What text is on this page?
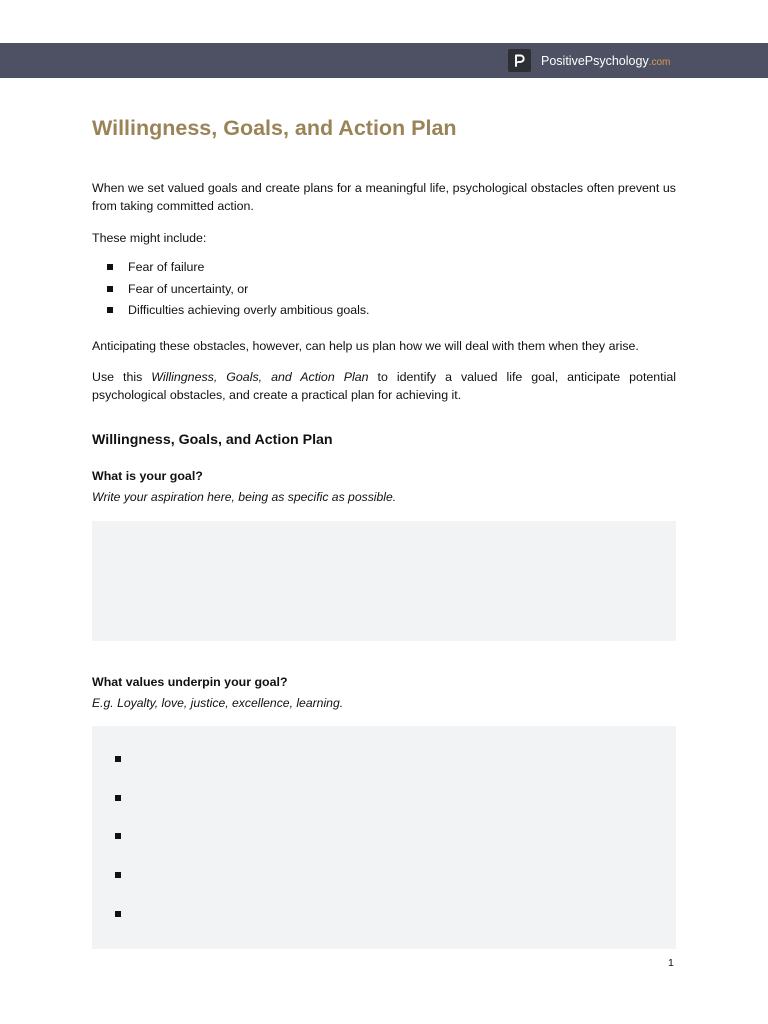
PositivePsychology.com
Willingness, Goals, and Action Plan

When we set valued goals and create plans for a meaningful life, psychological obstacles often prevent us from taking committed action.

These might include:

Fear of failure
Fear of uncertainty, or
Difficulties achieving overly ambitious goals.

Anticipating these obstacles, however, can help us plan how we will deal with them when they arise.

Use this Willingness, Goals, and Action Plan to identify a valued life goal, anticipate potential psychological obstacles, and create a practical plan for achieving it.

Willingness, Goals, and Action Plan
What is your goal?
Write your aspiration here, being as specific as possible.
What values underpin your goal?
E.g. Loyalty, love, justice, excellence, learning.
1
